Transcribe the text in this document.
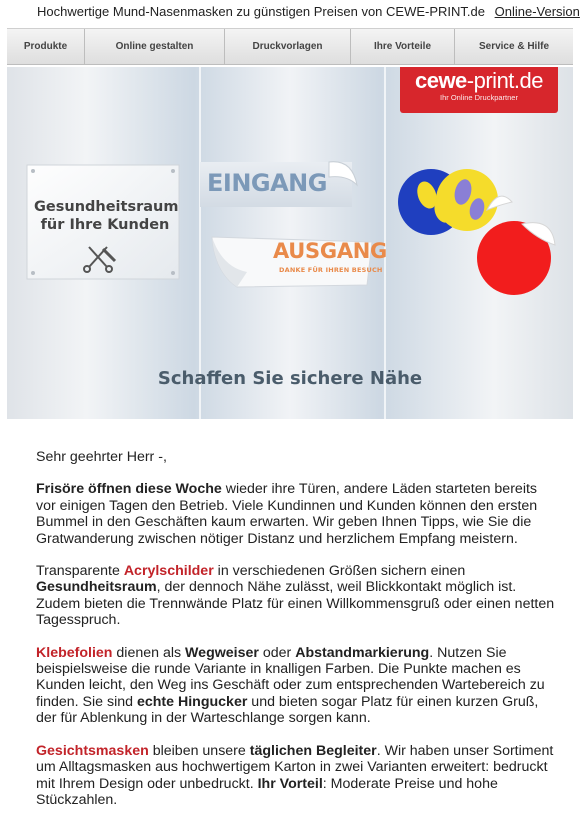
Hochwertige Mund-Nasenmasken zu günstigen Preisen von CEWE-PRINT.de Online-Version
Produkte	Online gestalten	Druckvorlagen	Ihre Vorteile	Service & Hilfe
cewe-print.de
Ihr Online Druckpartner
Gesundheitsraum
für Ihre Kunden
EINGANG
AUSGANG
DANKE FÜR IHREN BESUCH
Schaffen Sie sichere Nähe

Sehr geehrter Herr -,

Frisöre öffnen diese Woche wieder ihre Türen, andere Läden starteten bereits vor einigen Tagen den Betrieb. Viele Kundinnen und Kunden können den ersten Bummel in den Geschäften kaum erwarten. Wir geben Ihnen Tipps, wie Sie die Gratwanderung zwischen nötiger Distanz und herzlichem Empfang meistern.

Transparente Acrylschilder in verschiedenen Größen sichern einen Gesundheitsraum, der dennoch Nähe zulässt, weil Blickkontakt möglich ist. Zudem bieten die Trennwände Platz für einen Willkommensgruß oder einen netten Tagesspruch.

Klebefolien dienen als Wegweiser oder Abstandmarkierung. Nutzen Sie beispielsweise die runde Variante in knalligen Farben. Die Punkte machen es Kunden leicht, den Weg ins Geschäft oder zum entsprechenden Wartebereich zu finden. Sie sind echte Hingucker und bieten sogar Platz für einen kurzen Gruß, der für Ablenkung in der Warteschlange sorgen kann.

Gesichtsmasken bleiben unsere täglichen Begleiter. Wir haben unser Sortiment um Alltagsmasken aus hochwertigem Karton in zwei Varianten erweitert: bedruckt mit Ihrem Design oder unbedruckt. Ihr Vorteil: Moderate Preise und hohe Stückzahlen.
